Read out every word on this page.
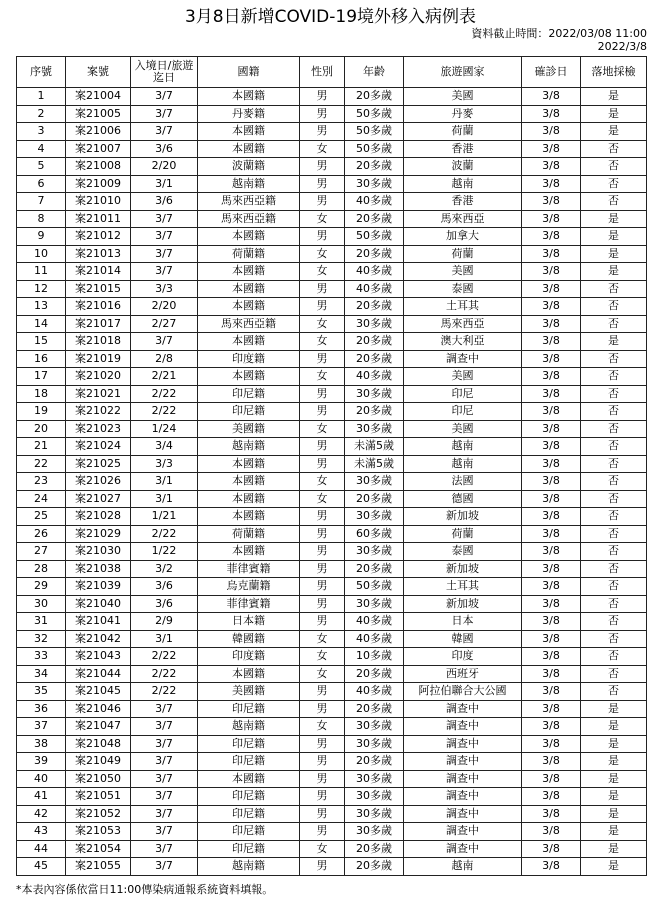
3月8日新增COVID-19境外移入病例表
資料截止時間：2022/03/08 11:00
2022/3/8
序號	案號	入境日/旅遊迄日	國籍	性別	年齡	旅遊國家	確診日	落地採檢
1	案21004	3/7	本國籍	男	20多歲	美國	3/8	是
2	案21005	3/7	丹麥籍	男	50多歲	丹麥	3/8	是
3	案21006	3/7	本國籍	男	50多歲	荷蘭	3/8	是
4	案21007	3/6	本國籍	女	50多歲	香港	3/8	否
5	案21008	2/20	波蘭籍	男	20多歲	波蘭	3/8	否
6	案21009	3/1	越南籍	男	30多歲	越南	3/8	否
7	案21010	3/6	馬來西亞籍	男	40多歲	香港	3/8	否
8	案21011	3/7	馬來西亞籍	女	20多歲	馬來西亞	3/8	是
9	案21012	3/7	本國籍	男	50多歲	加拿大	3/8	是
10	案21013	3/7	荷蘭籍	女	20多歲	荷蘭	3/8	是
11	案21014	3/7	本國籍	女	40多歲	美國	3/8	是
12	案21015	3/3	本國籍	男	40多歲	泰國	3/8	否
13	案21016	2/20	本國籍	男	20多歲	土耳其	3/8	否
14	案21017	2/27	馬來西亞籍	女	30多歲	馬來西亞	3/8	否
15	案21018	3/7	本國籍	女	20多歲	澳大利亞	3/8	是
16	案21019	2/8	印度籍	男	20多歲	調查中	3/8	否
17	案21020	2/21	本國籍	女	40多歲	美國	3/8	否
18	案21021	2/22	印尼籍	男	30多歲	印尼	3/8	否
19	案21022	2/22	印尼籍	男	20多歲	印尼	3/8	否
20	案21023	1/24	美國籍	女	30多歲	美國	3/8	否
21	案21024	3/4	越南籍	男	未滿5歲	越南	3/8	否
22	案21025	3/3	本國籍	男	未滿5歲	越南	3/8	否
23	案21026	3/1	本國籍	女	30多歲	法國	3/8	否
24	案21027	3/1	本國籍	女	20多歲	德國	3/8	否
25	案21028	1/21	本國籍	男	30多歲	新加坡	3/8	否
26	案21029	2/22	荷蘭籍	男	60多歲	荷蘭	3/8	否
27	案21030	1/22	本國籍	男	30多歲	泰國	3/8	否
28	案21038	3/2	菲律賓籍	男	20多歲	新加坡	3/8	否
29	案21039	3/6	烏克蘭籍	男	50多歲	土耳其	3/8	否
30	案21040	3/6	菲律賓籍	男	30多歲	新加坡	3/8	否
31	案21041	2/9	日本籍	男	40多歲	日本	3/8	否
32	案21042	3/1	韓國籍	女	40多歲	韓國	3/8	否
33	案21043	2/22	印度籍	女	10多歲	印度	3/8	否
34	案21044	2/22	本國籍	女	20多歲	西班牙	3/8	否
35	案21045	2/22	美國籍	男	40多歲	阿拉伯聯合大公國	3/8	否
36	案21046	3/7	印尼籍	男	20多歲	調查中	3/8	是
37	案21047	3/7	越南籍	女	30多歲	調查中	3/8	是
38	案21048	3/7	印尼籍	男	30多歲	調查中	3/8	是
39	案21049	3/7	印尼籍	男	20多歲	調查中	3/8	是
40	案21050	3/7	本國籍	男	30多歲	調查中	3/8	是
41	案21051	3/7	印尼籍	男	30多歲	調查中	3/8	是
42	案21052	3/7	印尼籍	男	30多歲	調查中	3/8	是
43	案21053	3/7	印尼籍	男	30多歲	調查中	3/8	是
44	案21054	3/7	印尼籍	女	20多歲	調查中	3/8	是
45	案21055	3/7	越南籍	男	20多歲	越南	3/8	是
*本表內容係依當日11:00傳染病通報系統資料填報。
